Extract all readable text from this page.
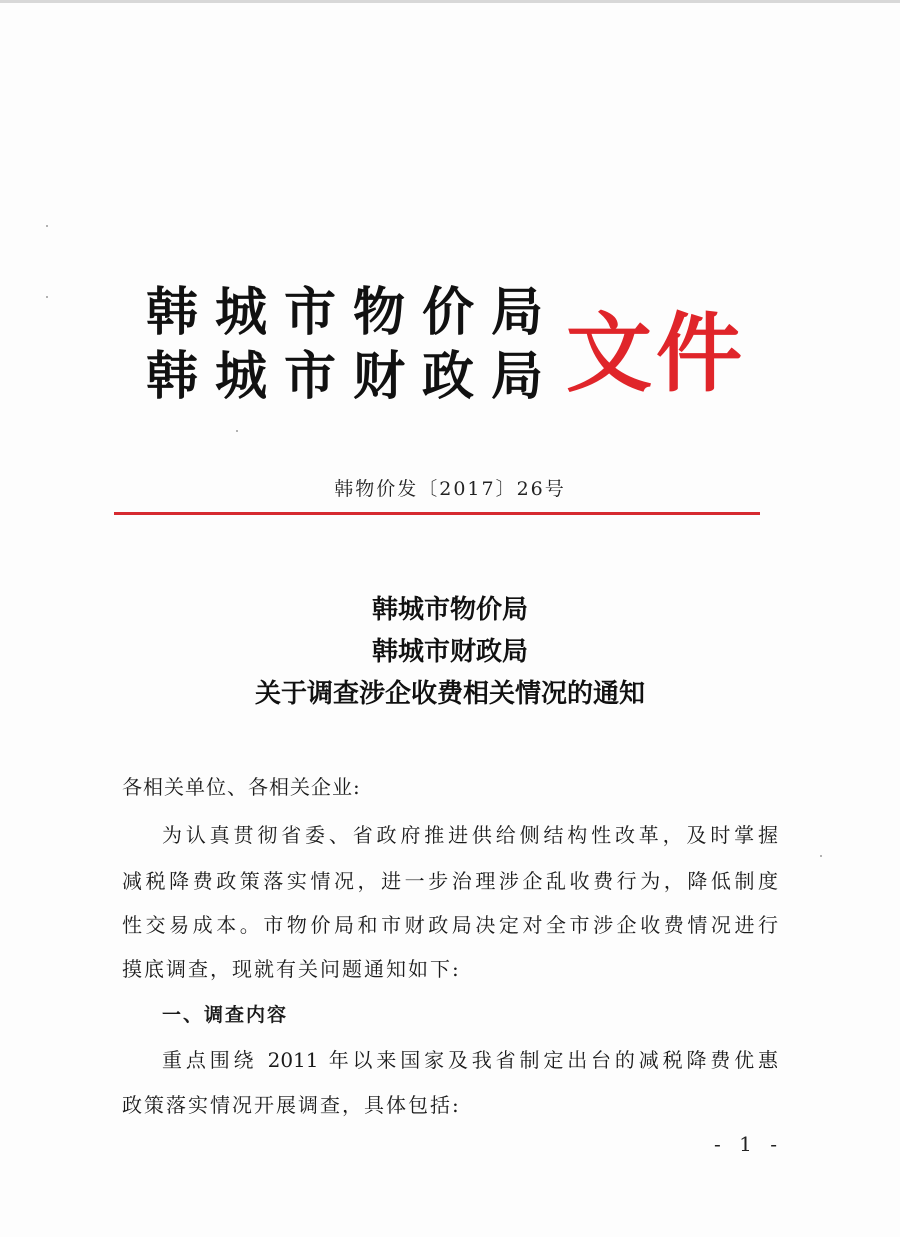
韩城市物价局
韩城市财政局 文件
韩物价发〔2017〕26号
韩城市物价局
韩城市财政局
关于调查涉企收费相关情况的通知
各相关单位、各相关企业:
为认真贯彻省委、省政府推进供给侧结构性改革，及时掌握
减税降费政策落实情况，进一步治理涉企乱收费行为，降低制度
性交易成本。市物价局和市财政局决定对全市涉企收费情况进行
摸底调查，现就有关问题通知如下:
一、调查内容
重点围绕 2011 年以来国家及我省制定出台的减税降费优惠
政策落实情况开展调查，具体包括:
- 1 -
